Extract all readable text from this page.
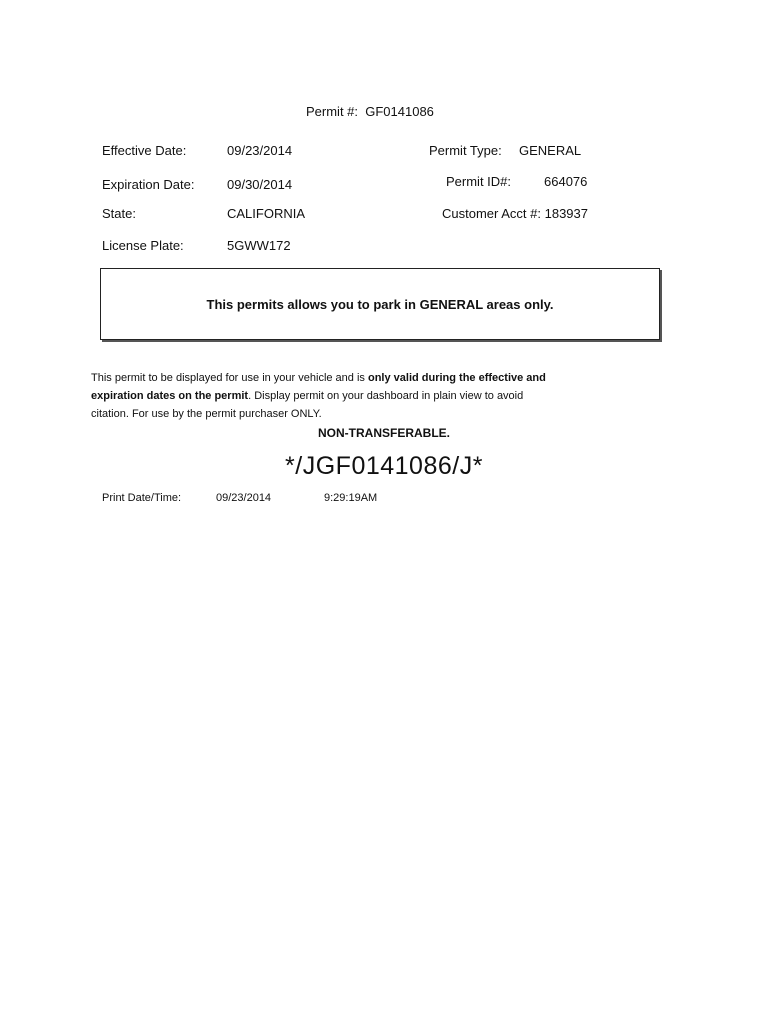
Permit #: GF0141086
Effective Date:	09/23/2014
Expiration Date:	09/30/2014
State:	CALIFORNIA
License Plate:	5GWW172
Permit Type: GENERAL
Permit ID#:	664076
Customer Acct #: 183937
This permits allows you to park in GENERAL areas only.
This permit to be displayed for use in your vehicle and is only valid during the effective and expiration dates on the permit. Display permit on your dashboard in plain view to avoid citation. For use by the permit purchaser ONLY.
NON-TRANSFERABLE.
*/JGF0141086/J*
Print Date/Time:	09/23/2014	9:29:19AM
